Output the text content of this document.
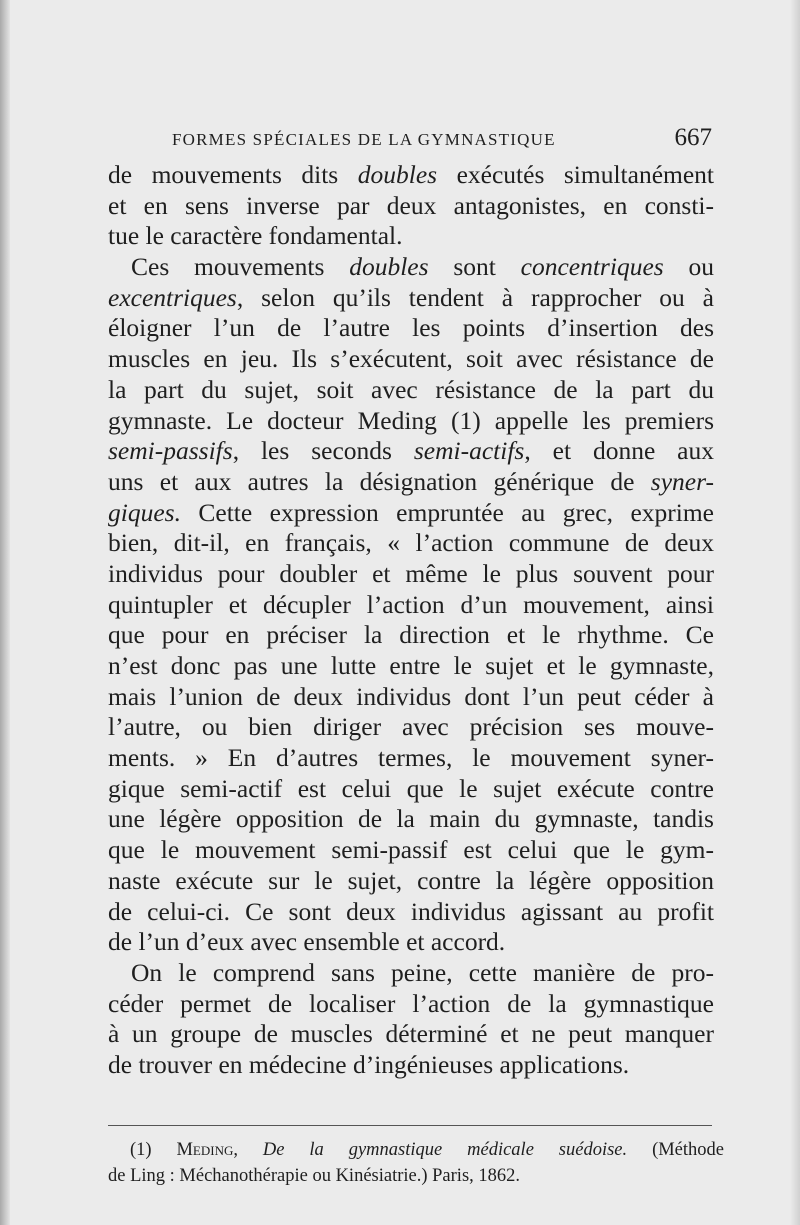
FORMES SPÉCIALES DE LA GYMNASTIQUE	667
de mouvements dits doubles exécutés simultanément
et en sens inverse par deux antagonistes, en consti-
tue le caractère fondamental.
Ces mouvements doubles sont concentriques ou
excentriques, selon qu’ils tendent à rapprocher ou à
éloigner l’un de l’autre les points d’insertion des
muscles en jeu. Ils s’exécutent, soit avec résistance de
la part du sujet, soit avec résistance de la part du
gymnaste. Le docteur Meding (1) appelle les premiers
semi-passifs, les seconds semi-actifs, et donne aux
uns et aux autres la désignation générique de syner-
giques. Cette expression empruntée au grec, exprime
bien, dit-il, en français, « l’action commune de deux
individus pour doubler et même le plus souvent pour
quintupler et décupler l’action d’un mouvement, ainsi
que pour en préciser la direction et le rhythme. Ce
n’est donc pas une lutte entre le sujet et le gymnaste,
mais l’union de deux individus dont l’un peut céder à
l’autre, ou bien diriger avec précision ses mouve-
ments. » En d’autres termes, le mouvement syner-
gique semi-actif est celui que le sujet exécute contre
une légère opposition de la main du gymnaste, tandis
que le mouvement semi-passif est celui que le gym-
naste exécute sur le sujet, contre la légère opposition
de celui-ci. Ce sont deux individus agissant au profit
de l’un d’eux avec ensemble et accord.
On le comprend sans peine, cette manière de pro-
céder permet de localiser l’action de la gymnastique
à un groupe de muscles déterminé et ne peut manquer
de trouver en médecine d’ingénieuses applications.
(1) Meding, De la gymnastique médicale suédoise. (Méthode
de Ling : Méchanothérapie ou Kinésiatrie.) Paris, 1862.
